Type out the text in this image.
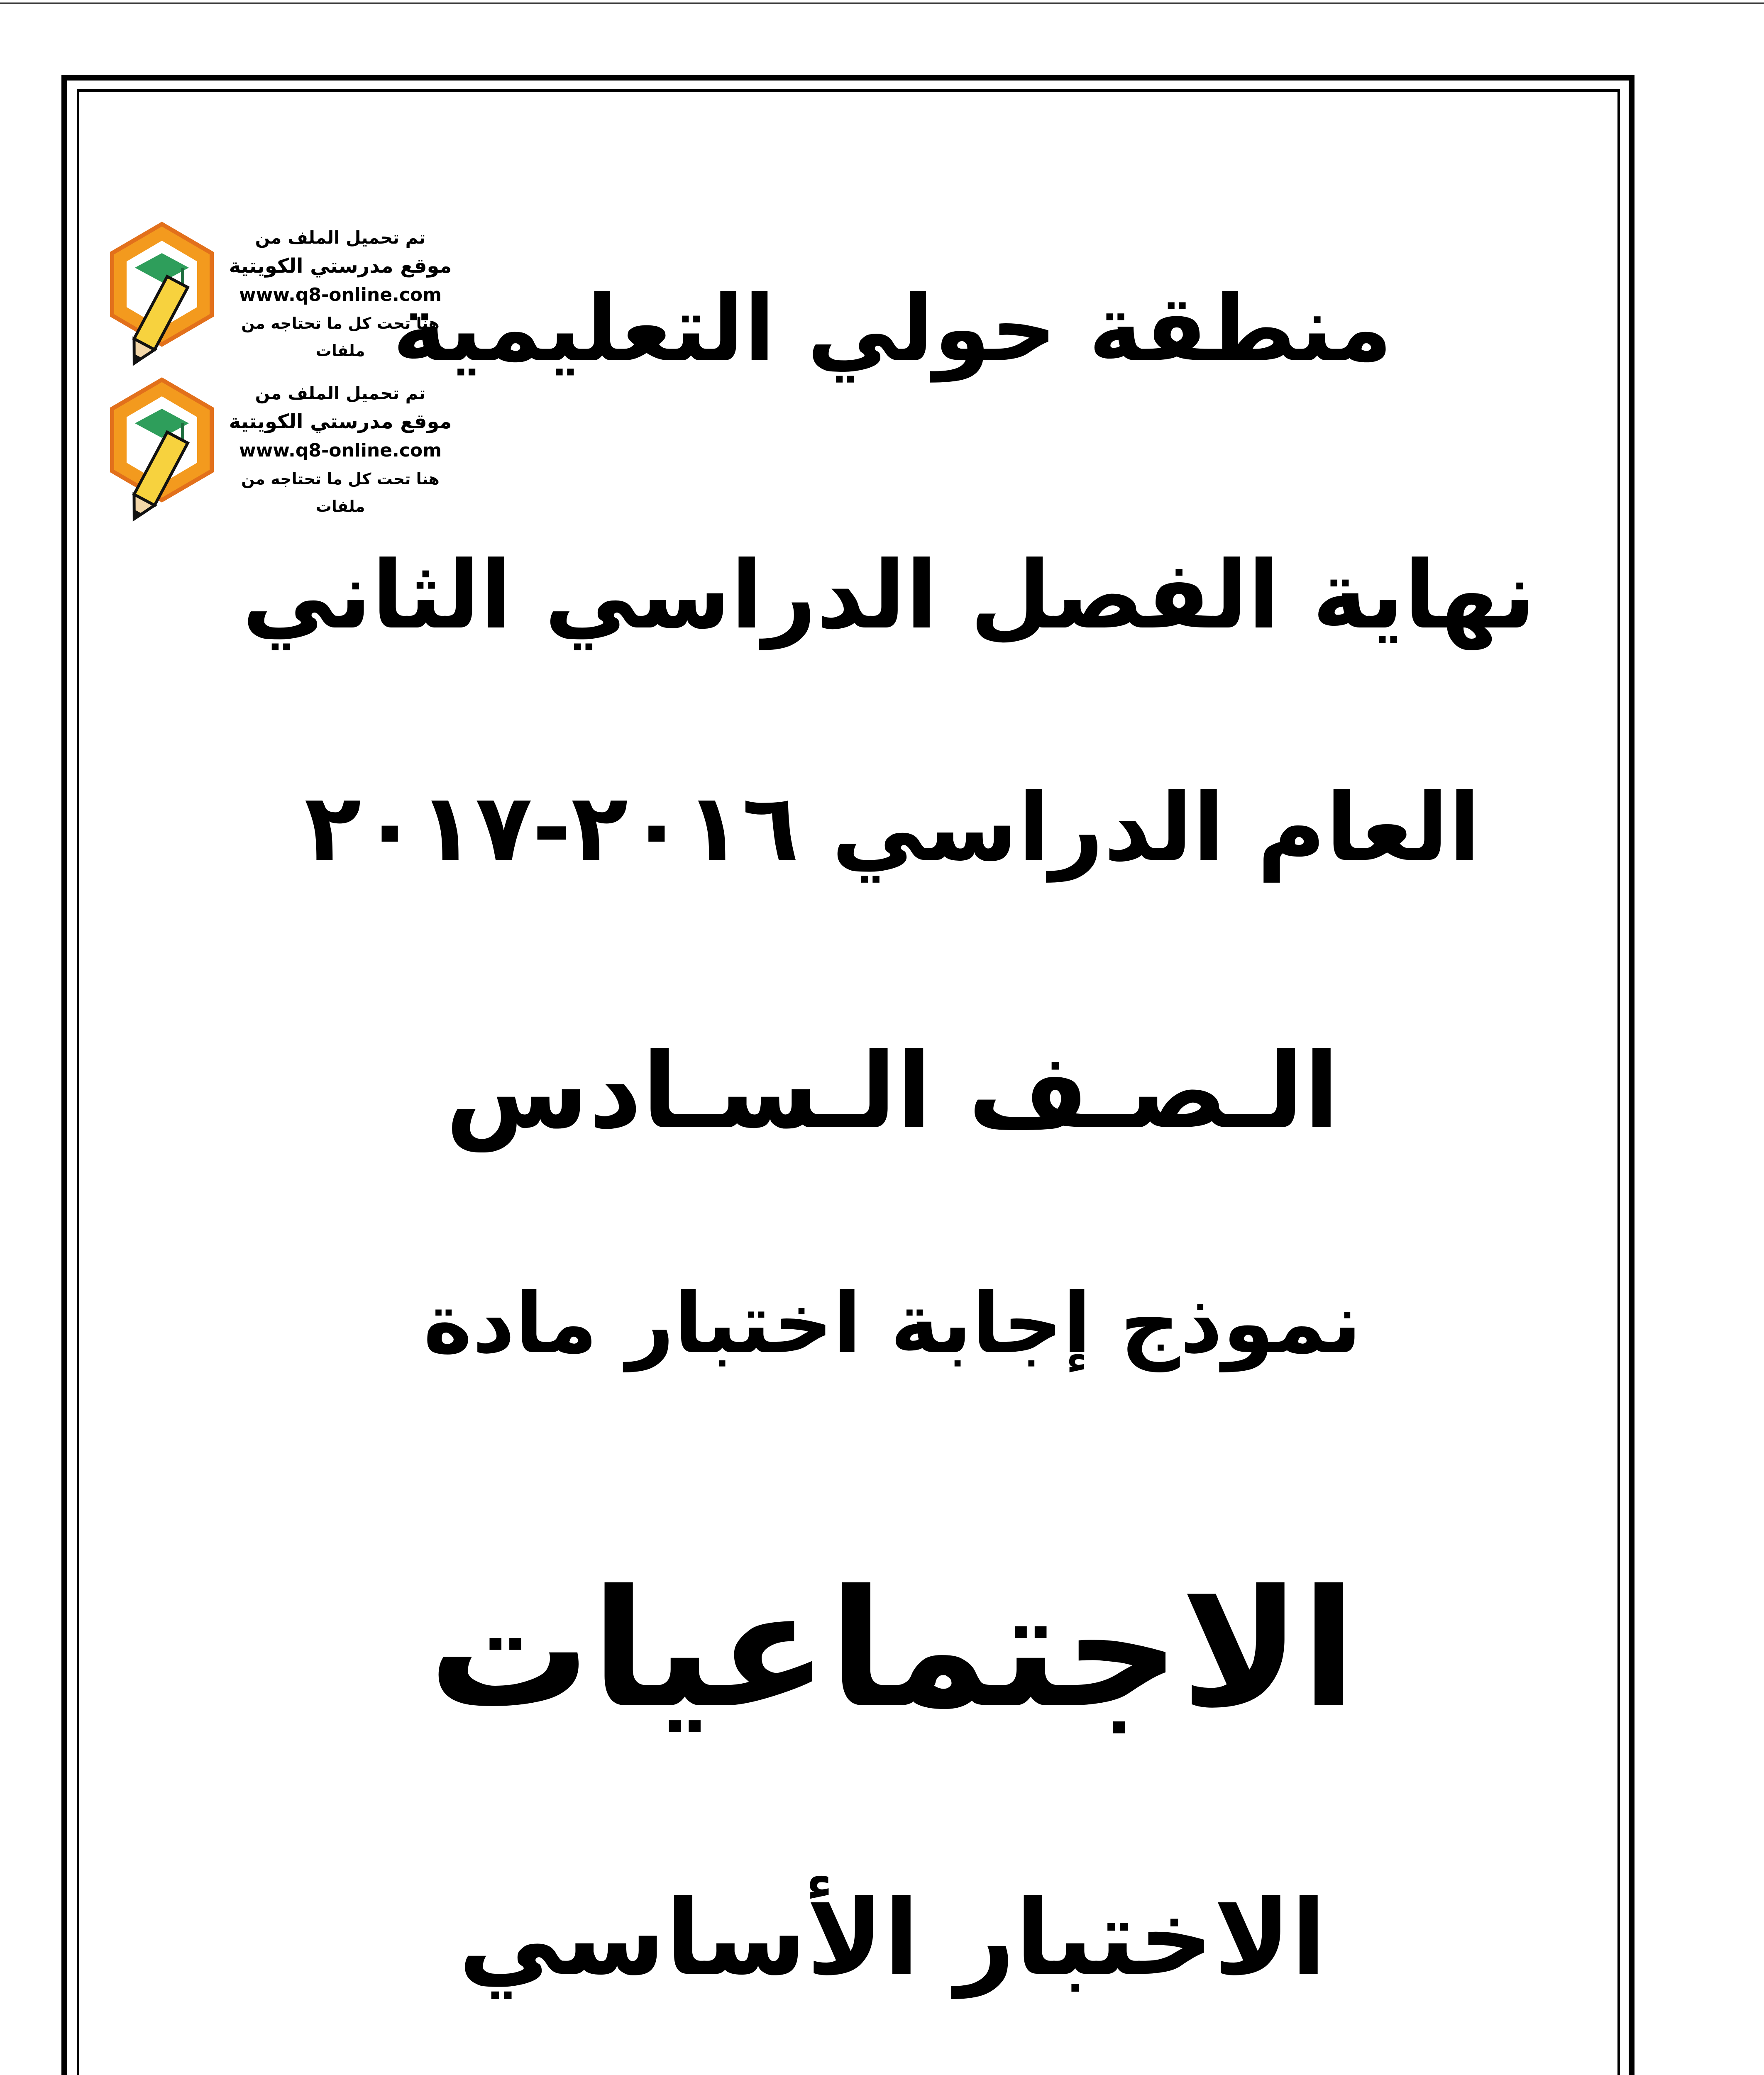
تم تحميل الملف من
موقع مدرستي الكويتية
www.q8-online.com
هنا تحت كل ما تحتاجه من ملفات
تم تحميل الملف من
موقع مدرستي الكويتية
www.q8-online.com
هنا تحت كل ما تحتاجه من ملفات
منطقة حولي التعليمية
نهاية الفصل الدراسي الثاني
العام الدراسي ٢٠١٦-٢٠١٧
الـصـف الـسـادس
نموذج إجابة اختبار مادة
الاجتماعيات
الاختبار الأساسي
